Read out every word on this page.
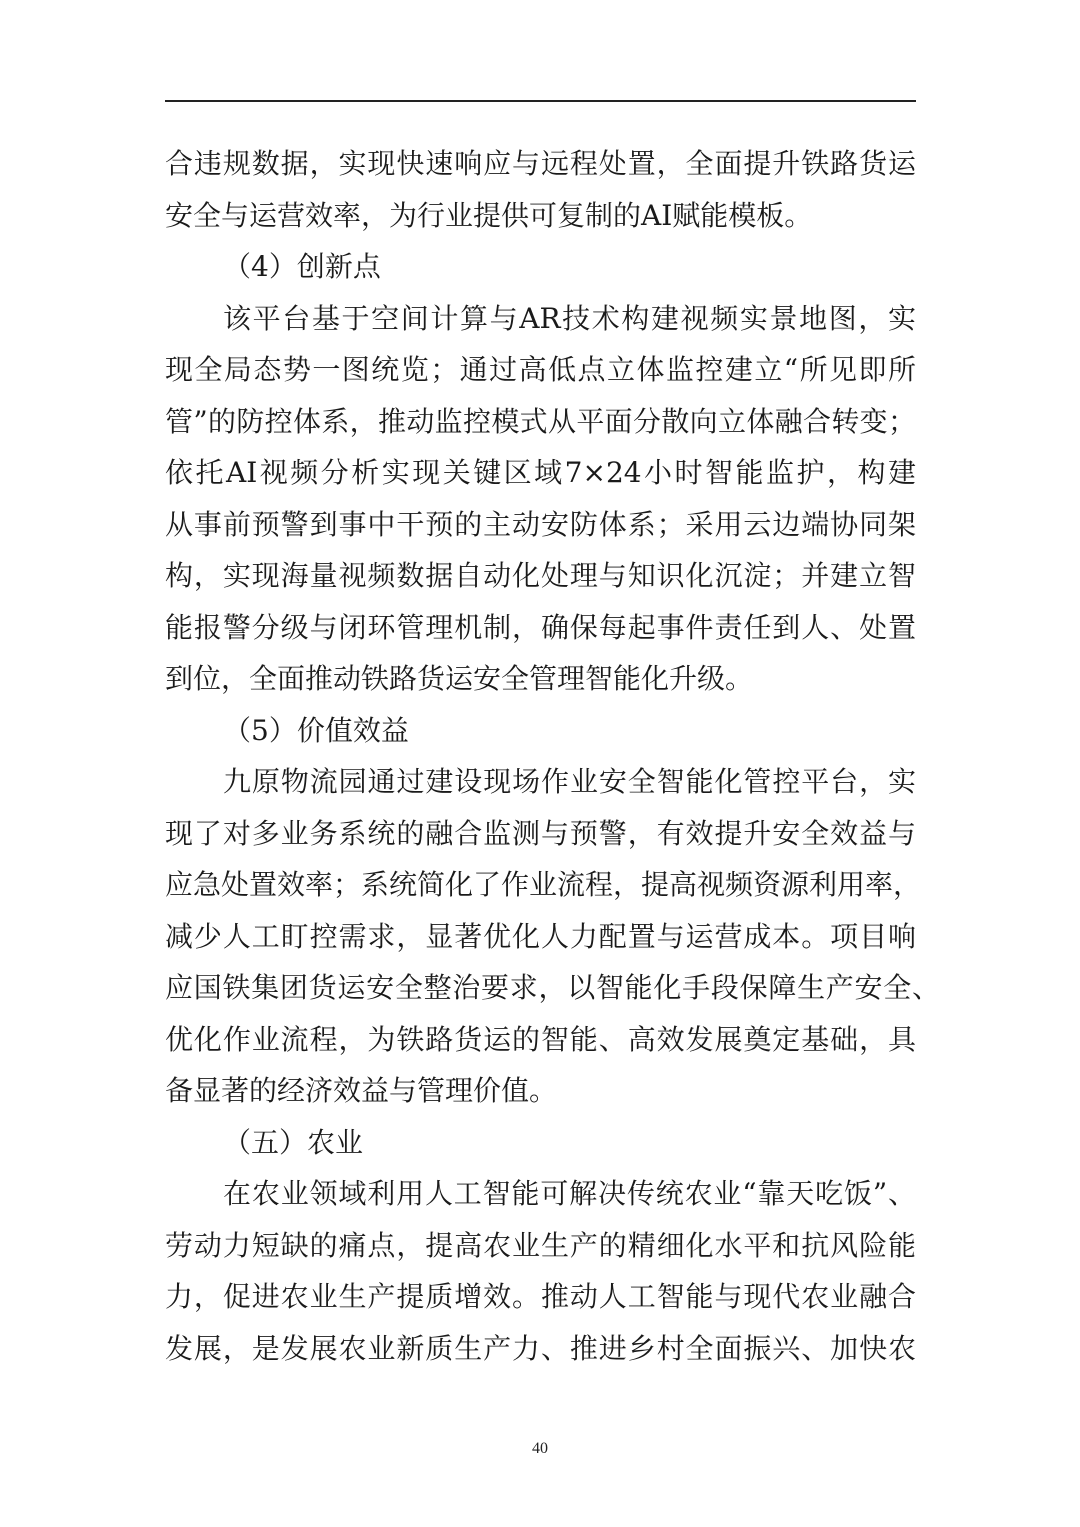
合违规数据，实现快速响应与远程处置，全面提升铁路货运
安全与运营效率，为行业提供可复制的AI赋能模板。
（4）创新点
该平台基于空间计算与AR技术构建视频实景地图，实
现全局态势一图统览；通过高低点立体监控建立“所见即所
管”的防控体系，推动监控模式从平面分散向立体融合转变；
依托AI视频分析实现关键区域7×24小时智能监护，构建
从事前预警到事中干预的主动安防体系；采用云边端协同架
构，实现海量视频数据自动化处理与知识化沉淀；并建立智
能报警分级与闭环管理机制，确保每起事件责任到人、处置
到位，全面推动铁路货运安全管理智能化升级。
（5）价值效益
九原物流园通过建设现场作业安全智能化管控平台，实
现了对多业务系统的融合监测与预警，有效提升安全效益与
应急处置效率；系统简化了作业流程，提高视频资源利用率，
减少人工盯控需求，显著优化人力配置与运营成本。项目响
应国铁集团货运安全整治要求，以智能化手段保障生产安全、
优化作业流程，为铁路货运的智能、高效发展奠定基础，具
备显著的经济效益与管理价值。
（五）农业
在农业领域利用人工智能可解决传统农业“靠天吃饭”、
劳动力短缺的痛点，提高农业生产的精细化水平和抗风险能
力，促进农业生产提质增效。推动人工智能与现代农业融合
发展，是发展农业新质生产力、推进乡村全面振兴、加快农
40
